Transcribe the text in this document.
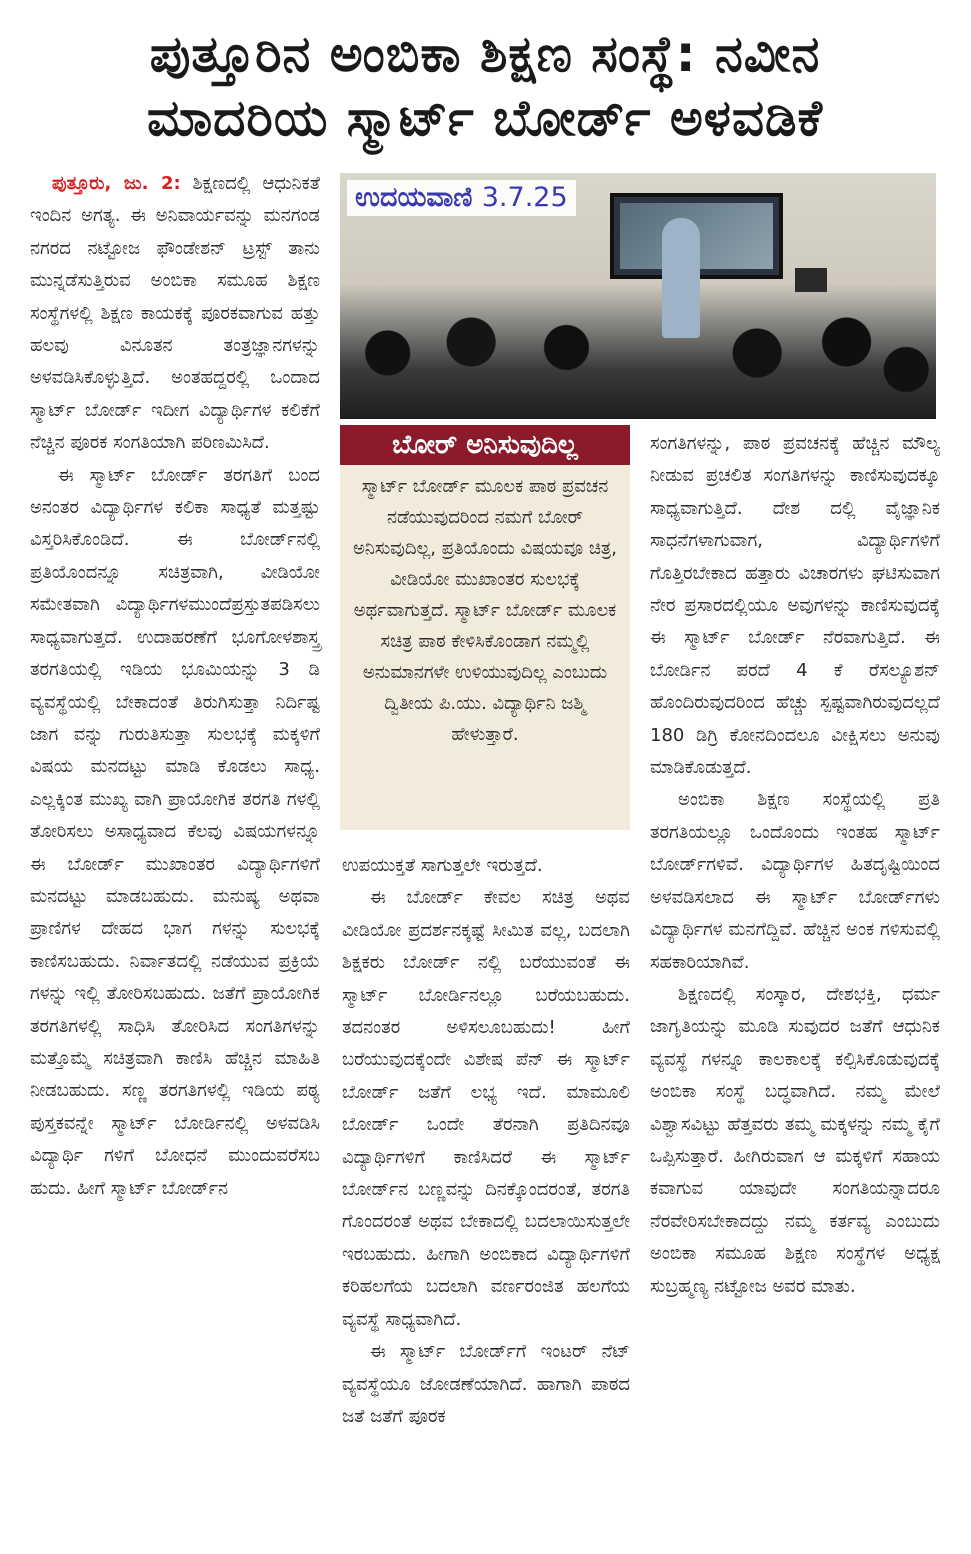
ಪುತ್ತೂರಿನ ಅಂಬಿಕಾ ಶಿಕ್ಷಣ ಸಂಸ್ಥೆ: ನವೀನ
ಮಾದರಿಯ ಸ್ಮಾರ್ಟ್ ಬೋರ್ಡ್ ಅಳವಡಿಕೆ

ಪುತ್ತೂರು, ಜು. 2: ಶಿಕ್ಷಣದಲ್ಲಿ ಆಧುನಿಕತೆ ಇಂದಿನ ಅಗತ್ಯ. ಈ ಅನಿವಾರ್ಯವನ್ನು ಮನಗಂಡ ನಗರದ ನಟ್ಟೋಜ ಫೌಂಡೇಶನ್ ಟ್ರಸ್ಟ್ ತಾನು ಮುನ್ನಡೆಸುತ್ತಿರುವ ಅಂಬಿಕಾ ಸಮೂಹ ಶಿಕ್ಷಣ ಸಂಸ್ಥೆಗಳಲ್ಲಿ ಶಿಕ್ಷಣ ಕಾಯಕಕ್ಕೆ ಪೂರಕವಾಗುವ ಹತ್ತು ಹಲವು ವಿನೂತನ ತಂತ್ರಜ್ಞಾನಗಳನ್ನು ಅಳವಡಿಸಿಕೊಳ್ಳುತ್ತಿದೆ. ಅಂತಹದ್ದರಲ್ಲಿ ಒಂದಾದ ಸ್ಮಾರ್ಟ್ ಬೋರ್ಡ್ ಇದೀಗ ವಿದ್ಯಾರ್ಥಿಗಳ ಕಲಿಕೆಗೆ ನೆಚ್ಚಿನ ಪೂರಕ ಸಂಗತಿಯಾಗಿ ಪರಿಣಮಿಸಿದೆ.

ಈ ಸ್ಮಾರ್ಟ್ ಬೋರ್ಡ್ ತರಗತಿಗೆ ಬಂದ ಅನಂತರ ವಿದ್ಯಾರ್ಥಿಗಳ ಕಲಿಕಾ ಸಾಧ್ಯತೆ ಮತ್ತಷ್ಟು ವಿಸ್ತರಿಸಿಕೊಂಡಿದೆ. ಈ ಬೋರ್ಡ್‌ನಲ್ಲಿ ಪ್ರತಿಯೊಂದನ್ನೂ ಸಚಿತ್ರವಾಗಿ, ವೀಡಿಯೋ ಸಮೇತವಾಗಿ ವಿದ್ಯಾರ್ಥಿಗಳಮುಂದೆಪ್ರಸ್ತುತಪಡಿಸಲು ಸಾಧ್ಯವಾಗುತ್ತದೆ. ಉದಾಹರಣೆಗೆ ಭೂಗೋಳಶಾಸ್ತ್ರ ತರಗತಿಯಲ್ಲಿ ಇಡಿಯ ಭೂಮಿಯನ್ನು 3 ಡಿ ವ್ಯವಸ್ಥೆಯಲ್ಲಿ ಬೇಕಾದಂತೆ ತಿರುಗಿಸುತ್ತಾ ನಿರ್ದಿಷ್ಟ ಜಾಗ ವನ್ನು ಗುರುತಿಸುತ್ತಾ ಸುಲಭಕ್ಕೆ ಮಕ್ಕಳಿಗೆ ವಿಷಯ ಮನದಟ್ಟು ಮಾಡಿ ಕೊಡಲು ಸಾಧ್ಯ. ಎಲ್ಲಕ್ಕಿಂತ ಮುಖ್ಯ ವಾಗಿ ಪ್ರಾಯೋಗಿಕ ತರಗತಿ ಗಳಲ್ಲಿ ತೋರಿಸಲು ಅಸಾಧ್ಯವಾದ ಕೆಲವು ವಿಷಯಗಳನ್ನೂ ಈ ಬೋರ್ಡ್ ಮುಖಾಂತರ ವಿದ್ಯಾರ್ಥಿಗಳಿಗೆ ಮನದಟ್ಟು ಮಾಡಬಹುದು. ಮನುಷ್ಯ ಅಥವಾ ಪ್ರಾಣಿಗಳ ದೇಹದ ಭಾಗ ಗಳನ್ನು ಸುಲಭಕ್ಕೆ ಕಾಣಿಸಬಹುದು. ನಿರ್ವಾತದಲ್ಲಿ ನಡೆಯುವ ಪ್ರಕ್ರಿಯೆ ಗಳನ್ನು ಇಲ್ಲಿ ತೋರಿಸಬಹುದು. ಜತೆಗೆ ಪ್ರಾಯೋಗಿಕ ತರಗತಿಗಳಲ್ಲಿ ಸಾಧಿಸಿ ತೋರಿಸಿದ ಸಂಗತಿಗಳನ್ನು ಮತ್ತೊಮ್ಮೆ ಸಚಿತ್ರವಾಗಿ ಕಾಣಿಸಿ ಹೆಚ್ಚಿನ ಮಾಹಿತಿ ನೀಡಬಹುದು. ಸಣ್ಣ ತರಗತಿಗಳಲ್ಲಿ ಇಡಿಯ ಪಠ್ಯ ಪುಸ್ತಕವನ್ನೇ ಸ್ಮಾರ್ಟ್ ಬೋರ್ಡಿನಲ್ಲಿ ಅಳವಡಿಸಿ ವಿದ್ಯಾರ್ಥಿ ಗಳಿಗೆ ಬೋಧನೆ ಮುಂದುವರೆಸಬ ಹುದು. ಹೀಗೆ ಸ್ಮಾರ್ಟ್ ಬೋರ್ಡ್‌ನ

ಉದಯವಾಣಿ 3.7.25
ಬೋರ್ ಅನಿಸುವುದಿಲ್ಲ
ಸ್ಮಾರ್ಟ್ ಬೋರ್ಡ್ ಮೂಲಕ ಪಾಠ ಪ್ರವಚನ ನಡೆಯುವುದರಿಂದ ನಮಗೆ ಬೋರ್ ಅನಿಸುವುದಿಲ್ಲ, ಪ್ರತಿಯೊಂದು ವಿಷಯವೂ ಚಿತ್ರ, ವೀಡಿಯೋ ಮುಖಾಂತರ ಸುಲಭಕ್ಕೆ ಅರ್ಥವಾಗುತ್ತದೆ. ಸ್ಮಾರ್ಟ್ ಬೋರ್ಡ್ ಮೂಲಕ ಸಚಿತ್ರ ಪಾಠ ಕೇಳಿಸಿಕೊಂಡಾಗ ನಮ್ಮಲ್ಲಿ ಅನುಮಾನಗಳೇ ಉಳಿಯುವುದಿಲ್ಲ ಎಂಬುದು ದ್ವಿತೀಯ ಪಿ.ಯು. ವಿದ್ಯಾರ್ಥಿನಿ ಜಶ್ಮಿ ಹೇಳುತ್ತಾರೆ.

ಉಪಯುಕ್ತತೆ ಸಾಗುತ್ತಲೇ ಇರುತ್ತದೆ.

ಈ ಬೋರ್ಡ್ ಕೇವಲ ಸಚಿತ್ರ ಅಥವ ವೀಡಿಯೋ ಪ್ರದರ್ಶನಕ್ಕಷ್ಟೆ ಸೀಮಿತ ವಲ್ಲ, ಬದಲಾಗಿ ಶಿಕ್ಷಕರು ಬೋರ್ಡ್ ನಲ್ಲಿ ಬರೆಯುವಂತೆ ಈ ಸ್ಮಾರ್ಟ್ ಬೋರ್ಡಿನಲ್ಲೂ ಬರೆಯಬಹುದು. ತದನಂತರ ಅಳಿಸಲೂಬಹುದು! ಹೀಗೆ ಬರೆಯುವುದಕ್ಕೆಂದೇ ವಿಶೇಷ ಪೆನ್ ಈ ಸ್ಮಾರ್ಟ್ ಬೋರ್ಡ್ ಜತೆಗೆ ಲಭ್ಯ ಇದೆ. ಮಾಮೂಲಿ ಬೋರ್ಡ್ ಒಂದೇ ತೆರನಾಗಿ ಪ್ರತಿದಿನವೂ ವಿದ್ಯಾರ್ಥಿಗಳಿಗೆ ಕಾಣಿಸಿದರೆ ಈ ಸ್ಮಾರ್ಟ್ ಬೋರ್ಡ್‌ನ ಬಣ್ಣವನ್ನು ದಿನಕ್ಕೊಂದರಂತೆ, ತರಗತಿ ಗೊಂದರಂತೆ ಅಥವ ಬೇಕಾದಲ್ಲಿ ಬದಲಾಯಿಸುತ್ತಲೇ ಇರಬಹುದು. ಹೀಗಾಗಿ ಅಂಬಿಕಾದ ವಿದ್ಯಾರ್ಥಿಗಳಿಗೆ ಕರಿಹಲಗೆಯ ಬದಲಾಗಿ ವರ್ಣರಂಜಿತ ಹಲಗೆಯ ವ್ಯವಸ್ಥೆ ಸಾಧ್ಯವಾಗಿದೆ.

ಈ ಸ್ಮಾರ್ಟ್ ಬೋರ್ಡ್‌ಗೆ ಇಂಟರ್ ನೆಟ್ ವ್ಯವಸ್ಥೆಯೂ ಜೋಡಣೆಯಾಗಿದೆ. ಹಾಗಾಗಿ ಪಾಠದ ಜತೆ ಜತೆಗೆ ಪೂರಕ

ಸಂಗತಿಗಳನ್ನು, ಪಾಠ ಪ್ರವಚನಕ್ಕೆ ಹೆಚ್ಚಿನ ಮೌಲ್ಯ ನೀಡುವ ಪ್ರಚಲಿತ ಸಂಗತಿಗಳನ್ನು ಕಾಣಿಸುವುದಕ್ಕೂ ಸಾಧ್ಯವಾಗುತ್ತಿದೆ. ದೇಶ ದಲ್ಲಿ ವೈಜ್ಞಾನಿಕ ಸಾಧನೆಗಳಾಗುವಾಗ, ವಿದ್ಯಾರ್ಥಿಗಳಿಗೆ ಗೊತ್ತಿರಬೇಕಾದ ಹತ್ತಾರು ವಿಚಾರಗಳು ಘಟಿಸುವಾಗ ನೇರ ಪ್ರಸಾರದಲ್ಲಿಯೂ ಅವುಗಳನ್ನು ಕಾಣಿಸುವುದಕ್ಕೆ ಈ ಸ್ಮಾರ್ಟ್ ಬೋರ್ಡ್ ನೆರವಾಗುತ್ತಿದೆ. ಈ ಬೋರ್ಡಿನ ಪರದೆ 4 ಕೆ ರೆಸಲ್ಯೂಶನ್ ಹೊಂದಿರುವುದರಿಂದ ಹೆಚ್ಚು ಸ್ಪಷ್ಟವಾಗಿರುವುದಲ್ಲದೆ 180 ಡಿಗ್ರಿ ಕೋನದಿಂದಲೂ ವೀಕ್ಷಿಸಲು ಅನುವು ಮಾಡಿಕೊಡುತ್ತದೆ.

ಅಂಬಿಕಾ ಶಿಕ್ಷಣ ಸಂಸ್ಥೆಯಲ್ಲಿ ಪ್ರತಿ ತರಗತಿಯಲ್ಲೂ ಒಂದೊಂದು ಇಂತಹ ಸ್ಮಾರ್ಟ್ ಬೋರ್ಡ್‌ಗಳಿವೆ. ವಿದ್ಯಾರ್ಥಿಗಳ ಹಿತದೃಷ್ಟಿಯಿಂದ ಅಳವಡಿಸಲಾದ ಈ ಸ್ಮಾರ್ಟ್ ಬೋರ್ಡ್‌ಗಳು ವಿದ್ಯಾರ್ಥಿಗಳ ಮನಗೆದ್ದಿವೆ. ಹೆಚ್ಚಿನ ಅಂಕ ಗಳಿಸುವಲ್ಲಿ ಸಹಕಾರಿಯಾಗಿವೆ.

ಶಿಕ್ಷಣದಲ್ಲಿ ಸಂಸ್ಕಾರ, ದೇಶಭಕ್ತಿ, ಧರ್ಮ ಜಾಗೃತಿಯನ್ನು ಮೂಡಿ ಸುವುದರ ಜತೆಗೆ ಆಧುನಿಕ ವ್ಯವಸ್ಥೆ ಗಳನ್ನೂ ಕಾಲಕಾಲಕ್ಕೆ ಕಲ್ಪಿಸಿಕೊಡುವುದಕ್ಕೆ ಅಂಬಿಕಾ ಸಂಸ್ಥೆ ಬದ್ಧವಾಗಿದೆ. ನಮ್ಮ ಮೇಲೆ ವಿಶ್ವಾಸವಿಟ್ಟು ಹೆತ್ತವರು ತಮ್ಮ ಮಕ್ಕಳನ್ನು ನಮ್ಮ ಕೈಗೆ ಒಪ್ಪಿಸುತ್ತಾರೆ. ಹೀಗಿರುವಾಗ ಆ ಮಕ್ಕಳಿಗೆ ಸಹಾಯ ಕವಾಗುವ ಯಾವುದೇ ಸಂಗತಿಯನ್ನಾದರೂ ನೆರವೇರಿಸಬೇಕಾದದ್ದು ನಮ್ಮ ಕರ್ತವ್ಯ ಎಂಬುದು ಅಂಬಿಕಾ ಸಮೂಹ ಶಿಕ್ಷಣ ಸಂಸ್ಥೆಗಳ ಅಧ್ಯಕ್ಷ ಸುಬ್ರಹ್ಮಣ್ಯ ನಟ್ಟೋಜ ಅವರ ಮಾತು.
